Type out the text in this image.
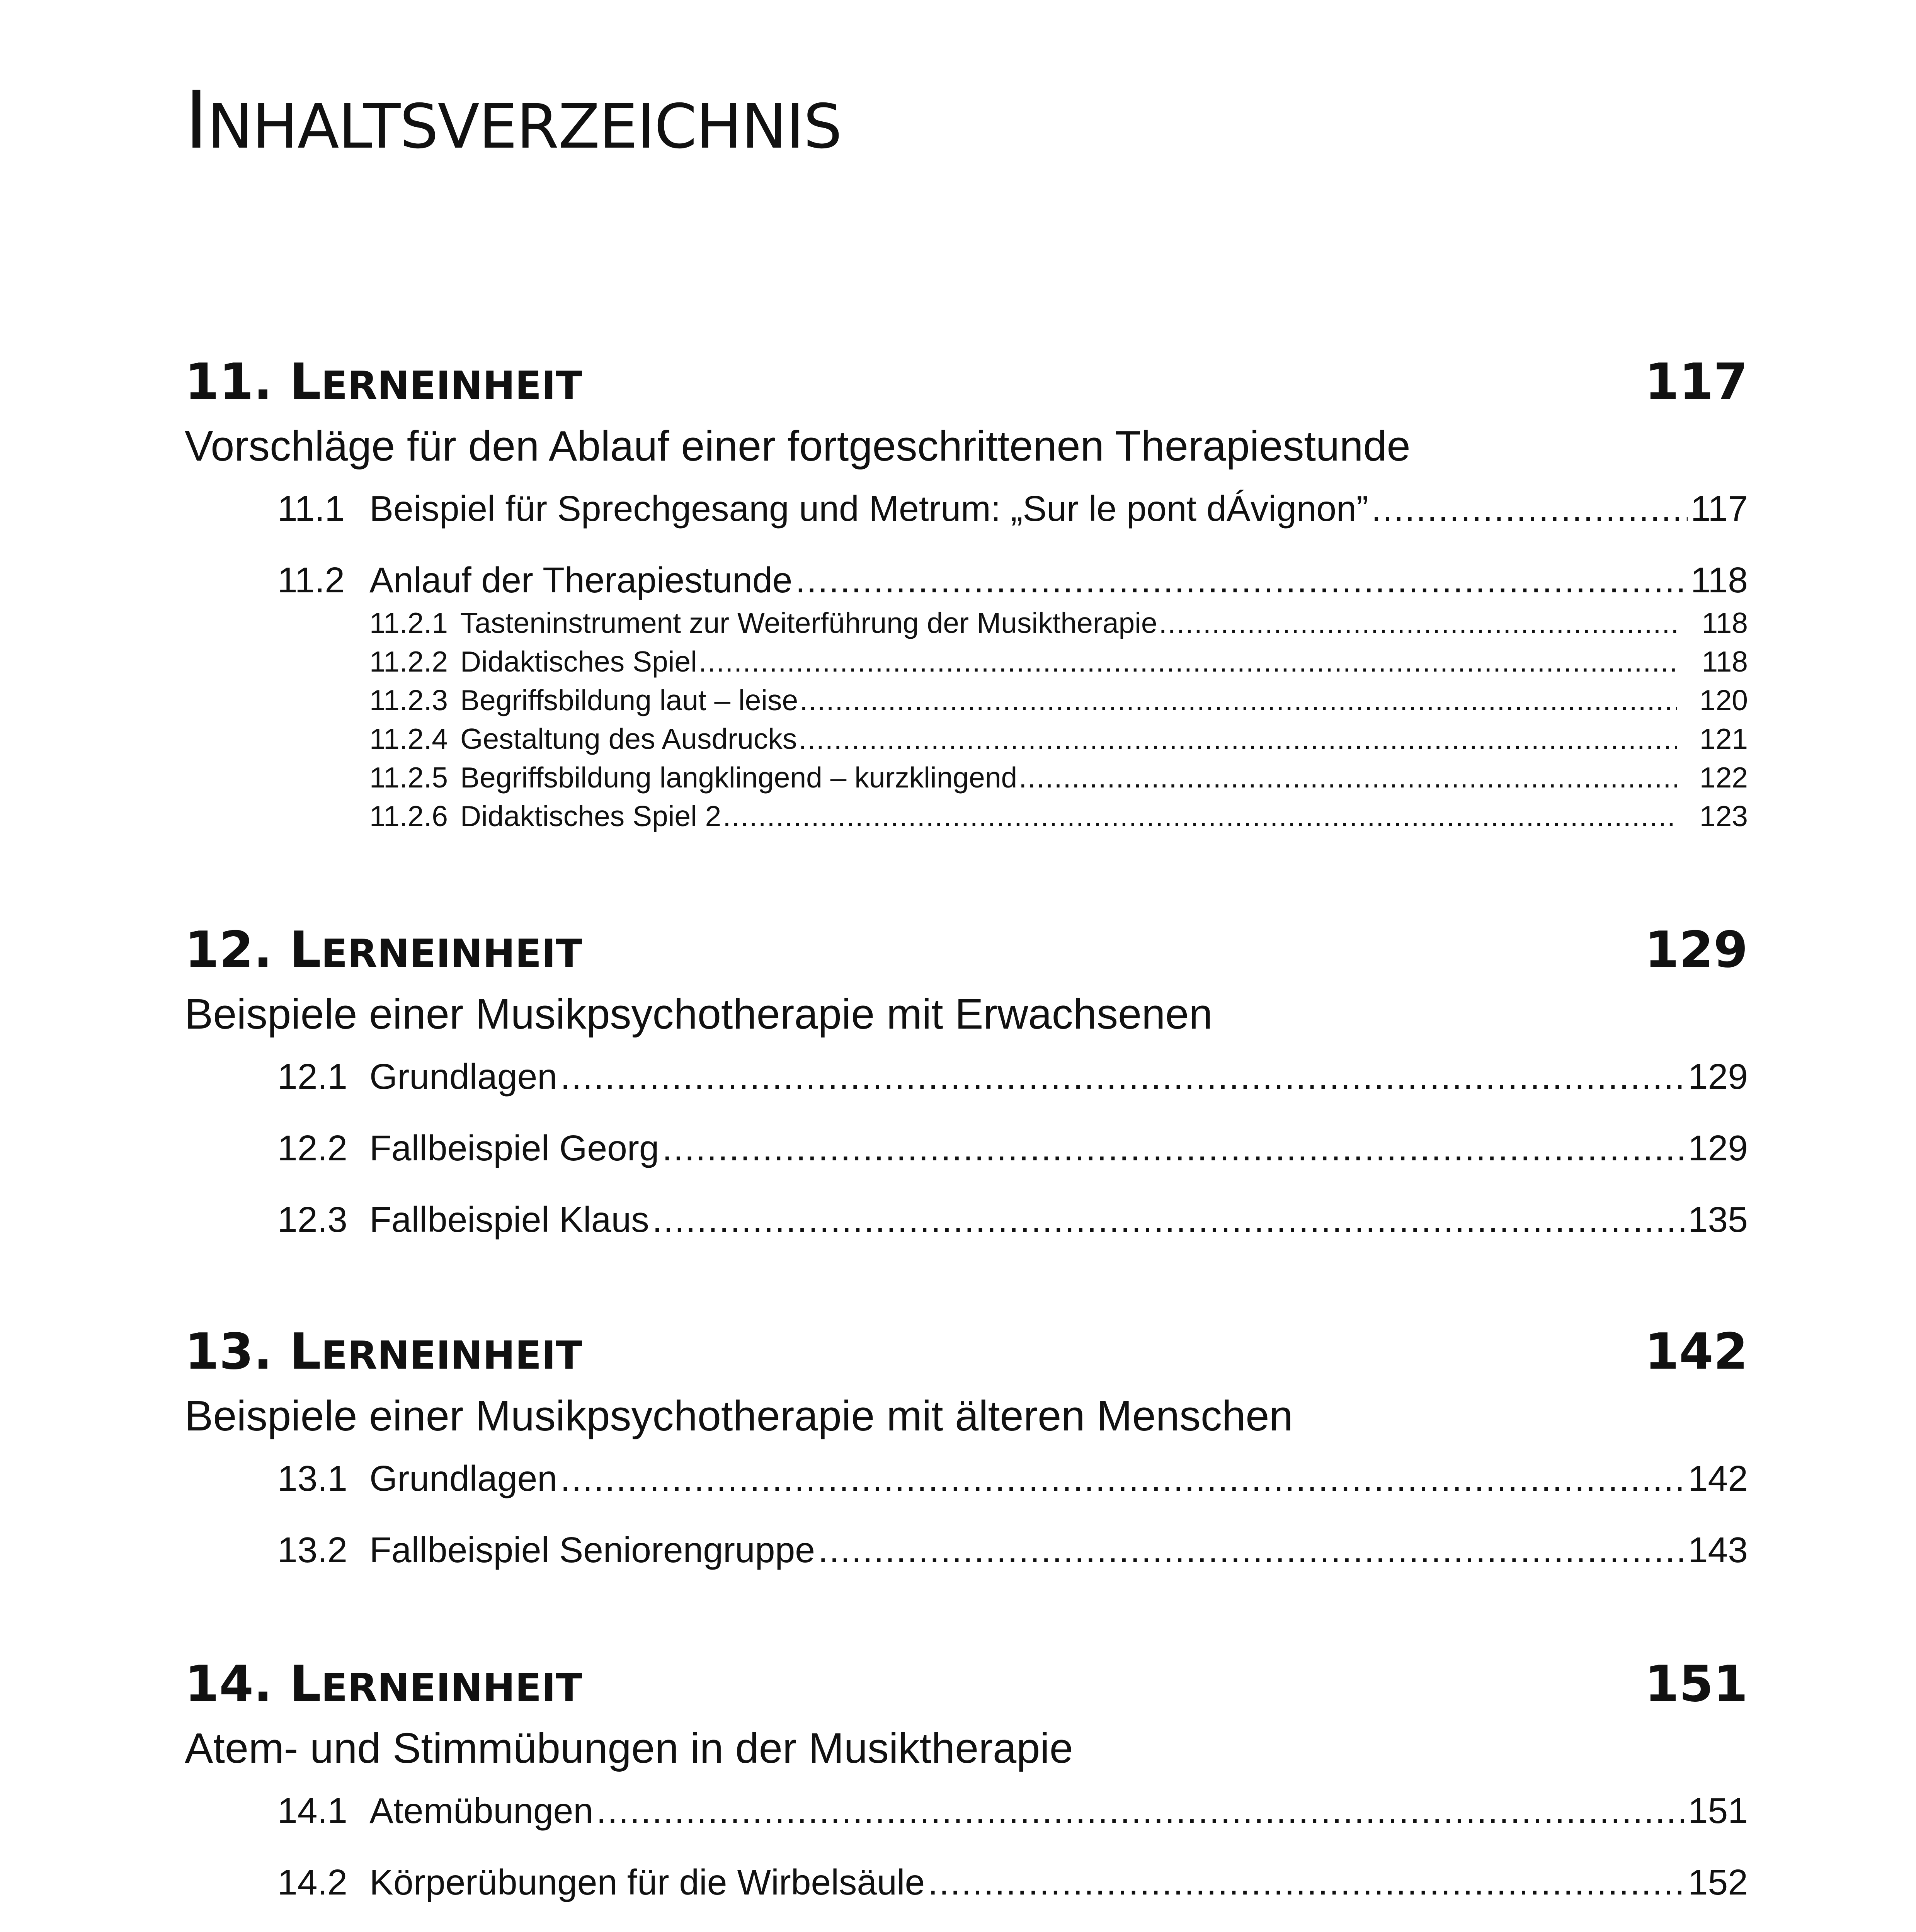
INHALTSVERZEICHNIS
11. LERNEINHEIT	117
Vorschläge für den Ablauf einer fortgeschrittenen Therapiestunde
11.1 Beispiel für Sprechgesang und Metrum: „Sur le pont dÁvignon” .....	117
11.2 Anlauf der Therapiestunde .....	118
11.2.1 Tasteninstrument zur Weiterführung der Musiktherapie .....	118
11.2.2 Didaktisches Spiel .....	118
11.2.3 Begriffsbildung laut – leise .....	120
11.2.4 Gestaltung des Ausdrucks .....	121
11.2.5 Begriffsbildung langklingend – kurzklingend .....	122
11.2.6 Didaktisches Spiel 2 .....	123
12. LERNEINHEIT	129
Beispiele einer Musikpsychotherapie mit Erwachsenen
12.1 Grundlagen .....	129
12.2 Fallbeispiel Georg .....	129
12.3 Fallbeispiel Klaus .....	135
13. LERNEINHEIT	142
Beispiele einer Musikpsychotherapie mit älteren Menschen
13.1 Grundlagen .....	142
13.2 Fallbeispiel Seniorengruppe .....	143
14. LERNEINHEIT	151
Atem- und Stimmübungen in der Musiktherapie
14.1 Atemübungen .....	151
14.2 Körperübungen für die Wirbelsäule .....	152
